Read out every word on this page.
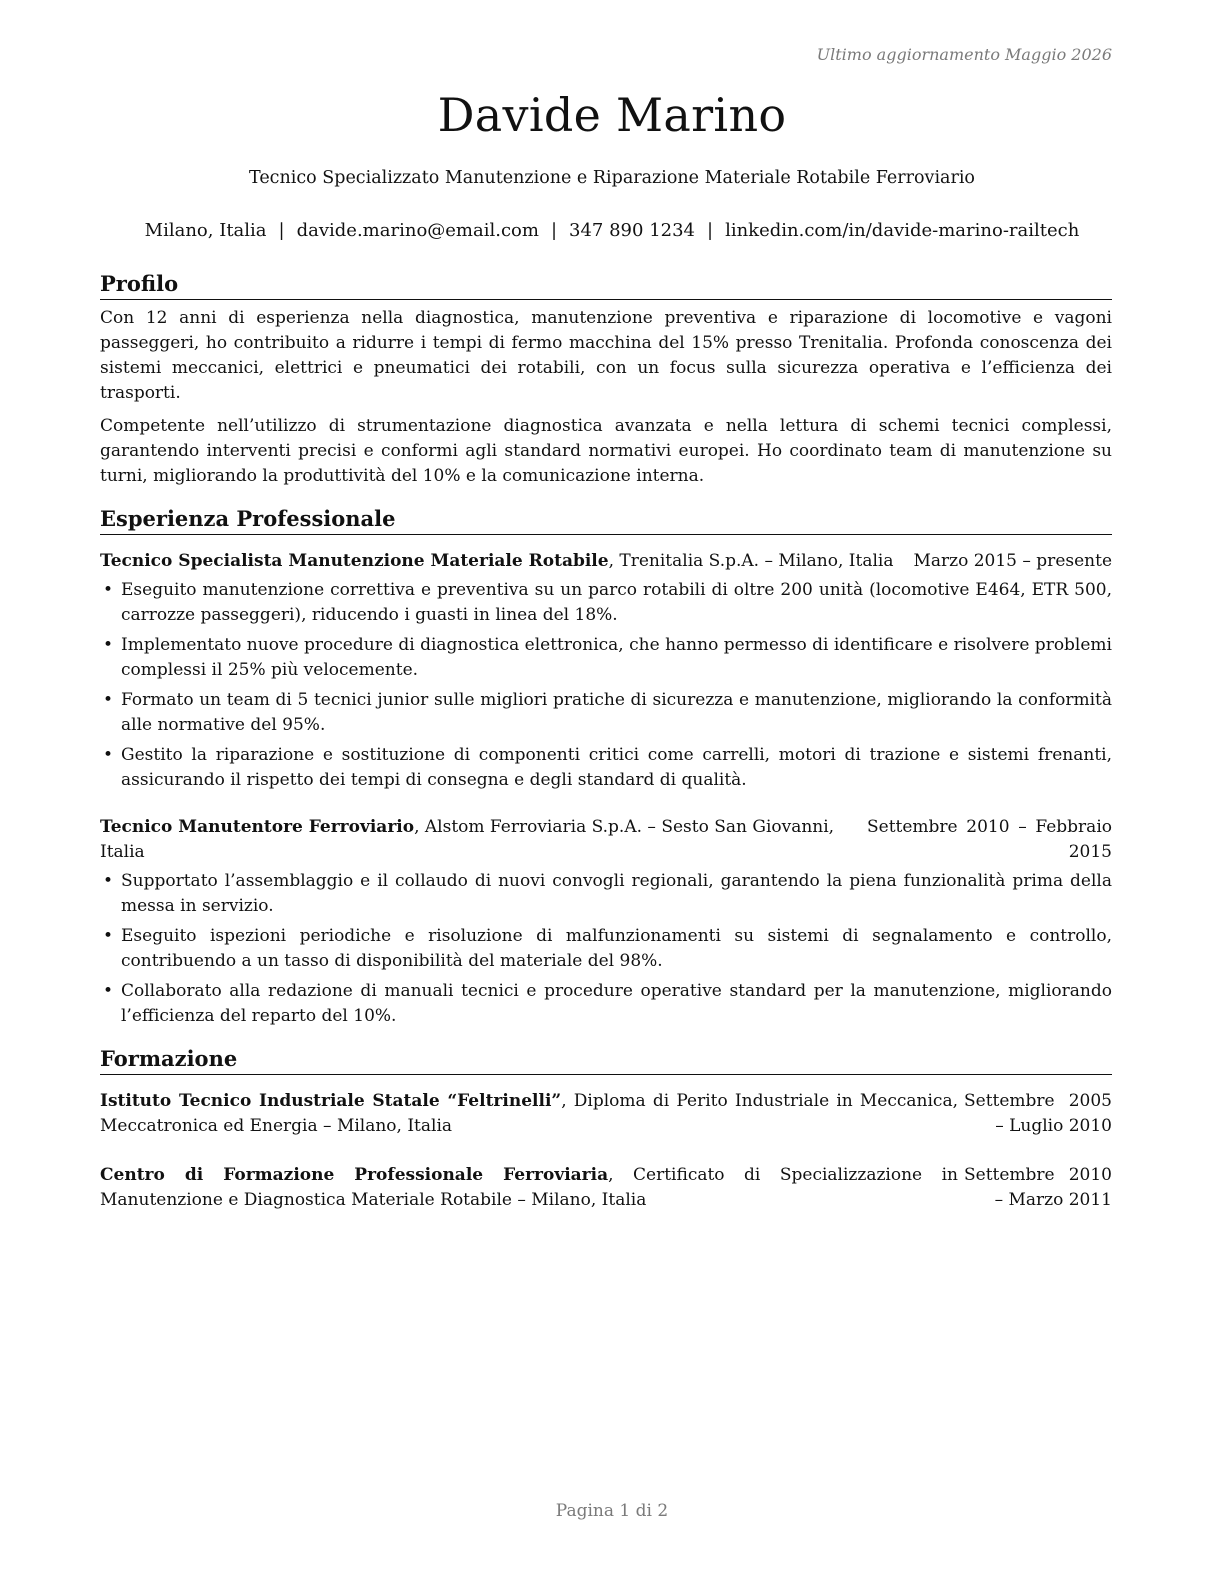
Ultimo aggiornamento Maggio 2026
Davide Marino
Tecnico Specializzato Manutenzione e Riparazione Materiale Rotabile Ferroviario
Milano, Italia | davide.marino@email.com | 347 890 1234 | linkedin.com/in/davide-marino-railtech
Profilo

Con 12 anni di esperienza nella diagnostica, manutenzione preventiva e riparazione di locomotive e vagoni passeggeri, ho contribuito a ridurre i tempi di fermo macchina del 15% presso Trenitalia. Profonda conoscenza dei sistemi meccanici, elettrici e pneumatici dei rotabili, con un focus sulla sicurezza operativa e l’efficienza dei trasporti.

Competente nell’utilizzo di strumentazione diagnostica avanzata e nella lettura di schemi tecnici complessi, garantendo interventi precisi e conformi agli standard normativi europei. Ho coordinato team di manutenzione su turni, migliorando la produttività del 10% e la comunicazione interna.

Esperienza Professionale
Tecnico Specialista Manutenzione Materiale Rotabile, Trenitalia S.p.A. – Milano, Italia	Marzo 2015 – presente
• Eseguito manutenzione correttiva e preventiva su un parco rotabili di oltre 200 unità (locomotive E464, ETR 500, carrozze passeggeri), riducendo i guasti in linea del 18%.
• Implementato nuove procedure di diagnostica elettronica, che hanno permesso di identificare e risolvere problemi complessi il 25% più velocemente.
• Formato un team di 5 tecnici junior sulle migliori pratiche di sicurezza e manutenzione, migliorando la conformità alle normative del 95%.
• Gestito la riparazione e sostituzione di componenti critici come carrelli, motori di trazione e sistemi frenanti, assicurando il rispetto dei tempi di consegna e degli standard di qualità.
Tecnico Manutentore Ferroviario, Alstom Ferroviaria S.p.A. – Sesto San Giovanni, Italia
Settembre 2010 – Febbraio 2015
• Supportato l’assemblaggio e il collaudo di nuovi convogli regionali, garantendo la piena funzionalità prima della messa in servizio.
• Eseguito ispezioni periodiche e risoluzione di malfunzionamenti su sistemi di segnalamento e controllo, contribuendo a un tasso di disponibilità del materiale del 98%.
• Collaborato alla redazione di manuali tecnici e procedure operative standard per la manutenzione, migliorando l’efficienza del reparto del 10%.
Formazione
Istituto Tecnico Industriale Statale “Feltrinelli”, Diploma di Perito Industriale in Meccanica, Meccatronica ed Energia – Milano, Italia
Settembre 2005 – Luglio 2010
Centro di Formazione Professionale Ferroviaria, Certificato di Specializzazione in Manutenzione e Diagnostica Materiale Rotabile – Milano, Italia
Settembre 2010 – Marzo 2011
Pagina 1 di 2
